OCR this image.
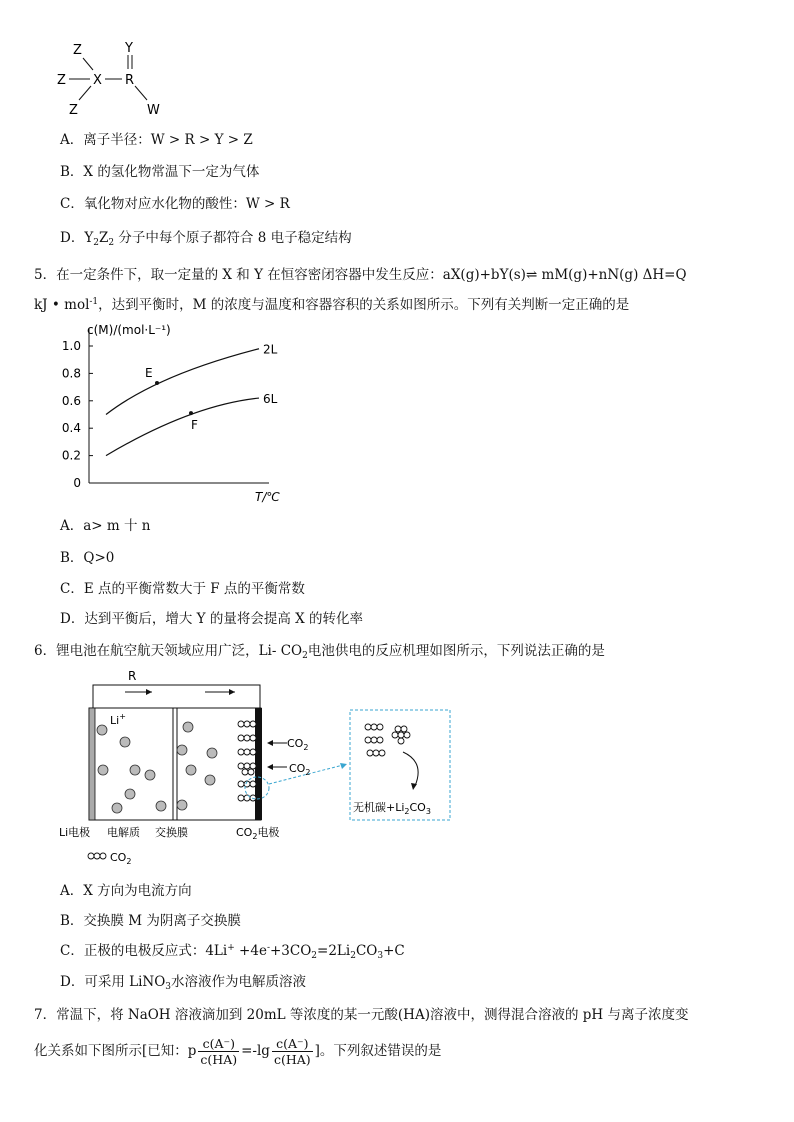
Z
Z X R
Y
Z	W
A．离子半径：W > R > Y > Z
B．X 的氢化物常温下一定为气体
C．氧化物对应水化物的酸性：W > R
D．$Y_2Z_2$ 分子中每个原子都符合 8 电子稳定结构
5．在一定条件下，取一定量的 X 和 Y 在恒容密闭容器中发生反应：aX(g)+bY(s)⇌ mM(g)+nN(g) ΔH=Q
kJ • mol$^{-1}$，达到平衡时，M 的浓度与温度和容器容积的关系如图所示。下列有关判断一定正确的是
c(M)/(mol·L⁻¹)
T/℃
1.0
0.8
0.6
0.4
0.2
0
2L
6L
E
F
A．a> m 十 n
B．Q>0
C．E 点的平衡常数大于 F 点的平衡常数
D．达到平衡后，增大 Y 的量将会提高 X 的转化率
6．锂电池在航空航天领域应用广泛，Li- $CO_2$电池供电的反应机理如图所示，下列说法正确的是
R
Li+
$CO_2$
$CO_2$
无机碳$+Li_2CO_3$
Li电极 电解质 交换膜	$CO_2$电极
$CO_2$
A．X 方向为电流方向
B．交换膜 M 为阴离子交换膜
C．正极的电极反应式：$4Li^+ +4e^-+3CO_2=2Li_2CO_3+C$
D．可采用 LiNO$_3$水溶液作为电解质溶液
7．常温下，将 NaOH 溶液滴加到 20mL 等浓度的某一元酸(HA)溶液中，测得混合溶液的 pH 与离子浓度变
化关系如下图所示[已知：p $\frac{c(A^-)}{c(HA)} =-\lg \frac{c(A^-)}{c(HA)}$ ]。下列叙述错误的是
